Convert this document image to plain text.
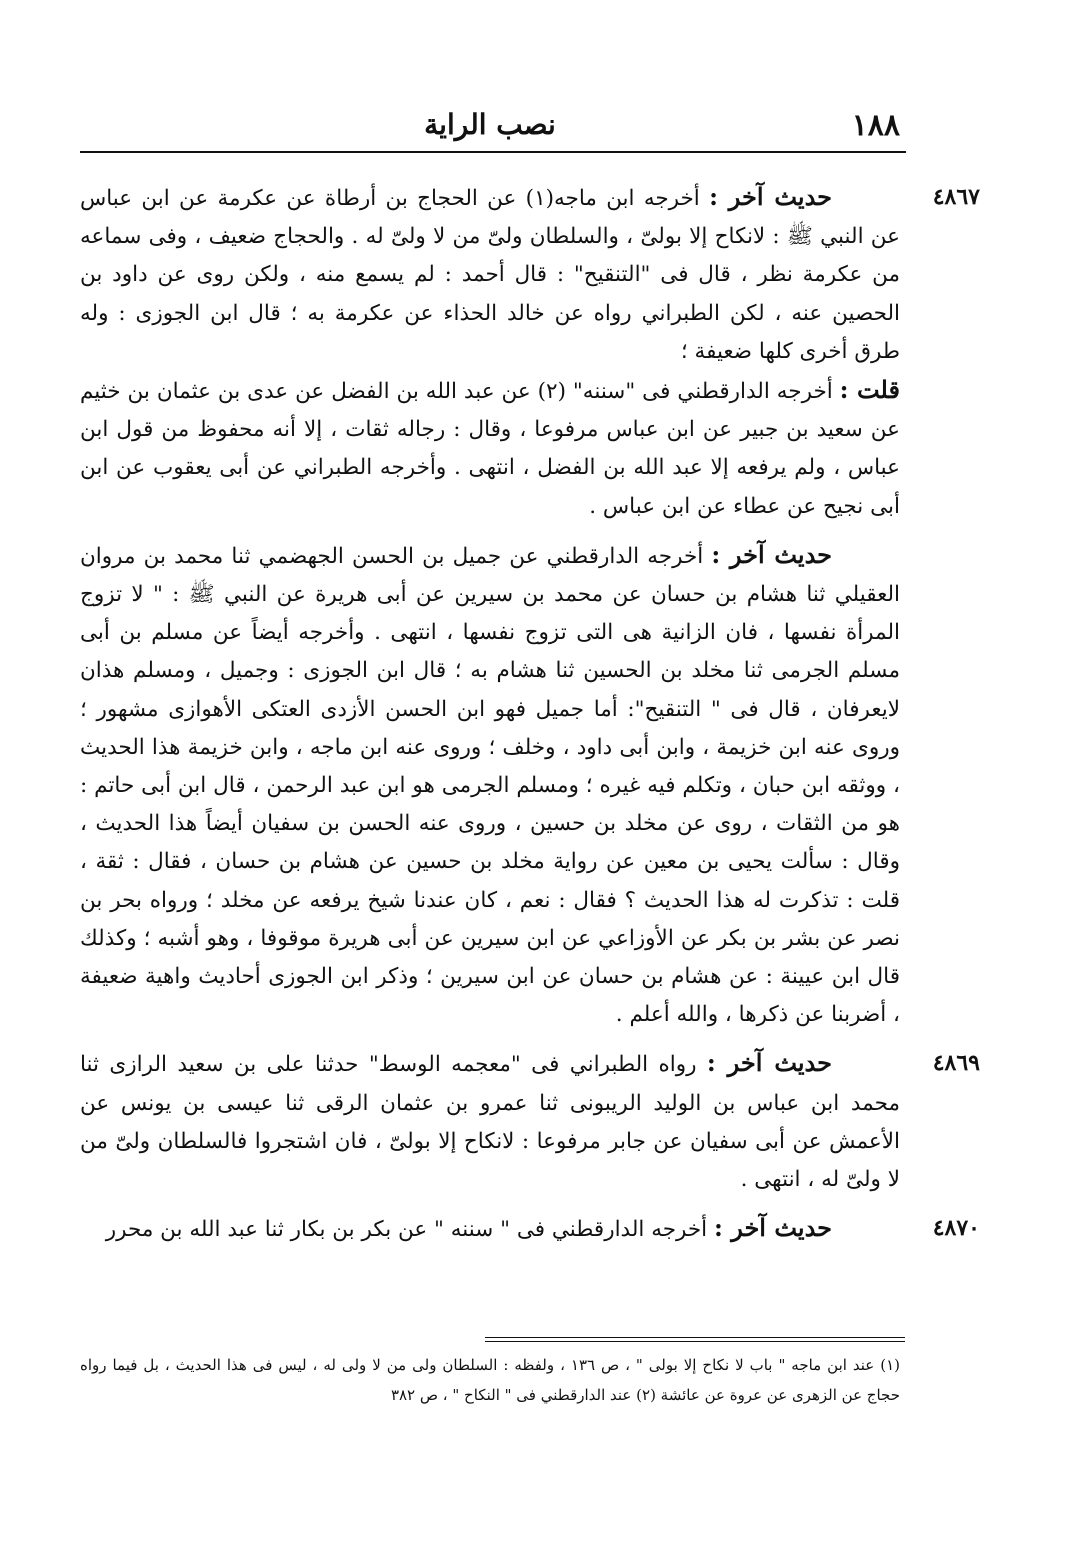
نصب الراية	١٨٨

٤٨٦٧
حديث آخر : أخرجه ابن ماجه(١) عن الحجاج بن أرطاة عن عكرمة عن ابن عباس عن النبي ﷺ : لانكاح إلا بولىّ ، والسلطان ولىّ من لا ولىّ له . والحجاج ضعيف ، وفى سماعه من عكرمة نظر ، قال فى "التنقيح" : قال أحمد : لم يسمع منه ، ولكن روى عن داود بن الحصين عنه ، لكن الطبراني رواه عن خالد الحذاء عن عكرمة به ؛ قال ابن الجوزى : وله طرق أخرى كلها ضعيفة ؛

قلت : أخرجه الدارقطني فى "سننه" (٢) عن عبد الله بن الفضل عن عدى بن عثمان بن خثيم عن سعيد بن جبير عن ابن عباس مرفوعا ، وقال : رجاله ثقات ، إلا أنه محفوظ من قول ابن عباس ، ولم يرفعه إلا عبد الله بن الفضل ، انتهى . وأخرجه الطبراني عن أبى يعقوب عن ابن أبى نجيح عن عطاء عن ابن عباس .

حديث آخر : أخرجه الدارقطني عن جميل بن الحسن الجهضمي ثنا محمد بن مروان العقيلي ثنا هشام بن حسان عن محمد بن سيرين عن أبى هريرة عن النبي ﷺ : " لا تزوج المرأة نفسها ، فان الزانية هى التى تزوج نفسها ، انتهى . وأخرجه أيضاً عن مسلم بن أبى مسلم الجرمى ثنا مخلد بن الحسين ثنا هشام به ؛ قال ابن الجوزى : وجميل ، ومسلم هذان لايعرفان ، قال فى " التنقيح": أما جميل فهو ابن الحسن الأزدى العتكى الأهوازى مشهور ؛ وروى عنه ابن خزيمة ، وابن أبى داود ، وخلف ؛ وروى عنه ابن ماجه ، وابن خزيمة هذا الحديث ، ووثقه ابن حبان ، وتكلم فيه غيره ؛ ومسلم الجرمى هو ابن عبد الرحمن ، قال ابن أبى حاتم : هو من الثقات ، روى عن مخلد بن حسين ، وروى عنه الحسن بن سفيان أيضاً هذا الحديث ، وقال : سألت يحيى بن معين عن رواية مخلد بن حسين عن هشام بن حسان ، فقال : ثقة ، قلت : تذكرت له هذا الحديث ؟ فقال : نعم ، كان عندنا شيخ يرفعه عن مخلد ؛ ورواه بحر بن نصر عن بشر بن بكر عن الأوزاعي عن ابن سيرين عن أبى هريرة موقوفا ، وهو أشبه ؛ وكذلك قال ابن عيينة : عن هشام بن حسان عن ابن سيرين ؛ وذكر ابن الجوزى أحاديث واهية ضعيفة ، أضربنا عن ذكرها ، والله أعلم .

٤٨٦٩
حديث آخر : رواه الطبراني فى "معجمه الوسط" حدثنا على بن سعيد الرازى ثنا محمد ابن عباس بن الوليد الريبونى ثنا عمرو بن عثمان الرقى ثنا عيسى بن يونس عن الأعمش عن أبى سفيان عن جابر مرفوعا : لانكاح إلا بولىّ ، فان اشتجروا فالسلطان ولىّ من لا ولىّ له ، انتهى .

٤٨٧٠
حديث آخر : أخرجه الدارقطني فى " سننه " عن بكر بن بكار ثنا عبد الله بن محرر

(١) عند ابن ماجه " باب لا نكاح إلا بولى " ، ص ١٣٦ ، ولفظه : السلطان ولى من لا ولى له ، ليس فى هذا الحديث ، بل فيما رواه حجاج عن الزهرى عن عروة عن عائشة (٢) عند الدارقطني فى " النكاح " ، ص ٣٨٢
